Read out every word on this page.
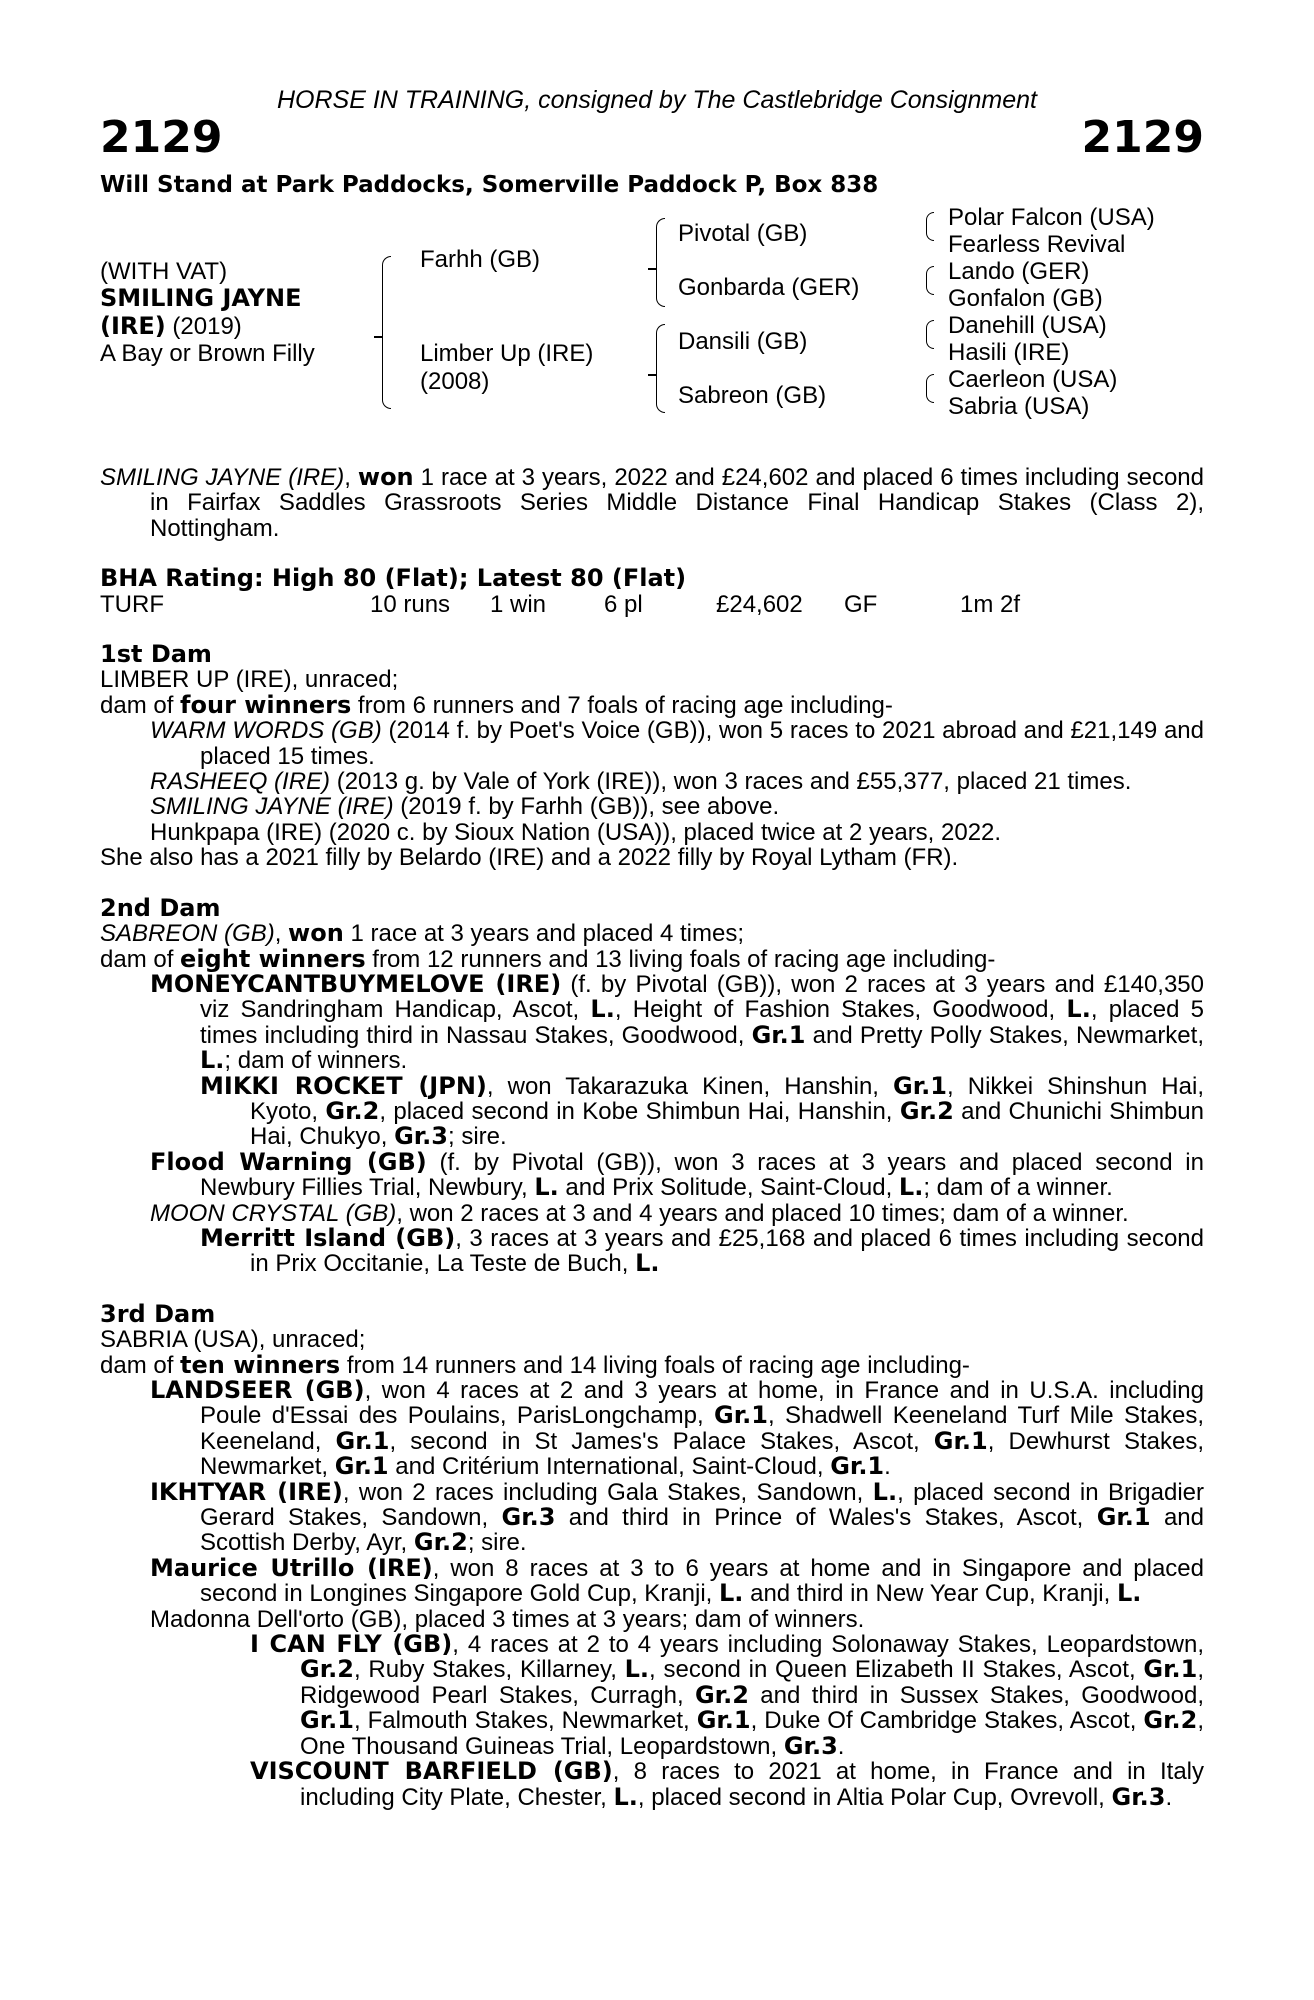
HORSE IN TRAINING, consigned by The Castlebridge Consignment
2129	2129
Will Stand at Park Paddocks, Somerville Paddock P, Box 838
(WITH VAT)
SMILING JAYNE
(IRE) (2019)
A Bay or Brown Filly
Farhh (GB)
Limber Up (IRE)
(2008)
Pivotal (GB)
Gonbarda (GER)
Dansili (GB)
Sabreon (GB)
Polar Falcon (USA)
Fearless Revival
Lando (GER)
Gonfalon (GB)
Danehill (USA)
Hasili (IRE)
Caerleon (USA)
Sabria (USA)
SMILING JAYNE (IRE), won 1 race at 3 years, 2022 and £24,602 and placed 6 times including second in Fairfax Saddles Grassroots Series Middle Distance Final Handicap Stakes (Class 2), Nottingham.
BHA Rating: High 80 (Flat); Latest 80 (Flat)
TURF	10 runs	1 win	6 pl	£24,602	GF	1m 2f
1st Dam
LIMBER UP (IRE), unraced;
dam of four winners from 6 runners and 7 foals of racing age including-
WARM WORDS (GB) (2014 f. by Poet's Voice (GB)), won 5 races to 2021 abroad and £21,149 and placed 15 times.
RASHEEQ (IRE) (2013 g. by Vale of York (IRE)), won 3 races and £55,377, placed 21 times.
SMILING JAYNE (IRE) (2019 f. by Farhh (GB)), see above.
Hunkpapa (IRE) (2020 c. by Sioux Nation (USA)), placed twice at 2 years, 2022.
She also has a 2021 filly by Belardo (IRE) and a 2022 filly by Royal Lytham (FR).
2nd Dam
SABREON (GB), won 1 race at 3 years and placed 4 times;
dam of eight winners from 12 runners and 13 living foals of racing age including-
MONEYCANTBUYMELOVE (IRE) (f. by Pivotal (GB)), won 2 races at 3 years and £140,350 viz Sandringham Handicap, Ascot, L., Height of Fashion Stakes, Goodwood, L., placed 5 times including third in Nassau Stakes, Goodwood, Gr.1 and Pretty Polly Stakes, Newmarket, L.; dam of winners.
MIKKI ROCKET (JPN), won Takarazuka Kinen, Hanshin, Gr.1, Nikkei Shinshun Hai, Kyoto, Gr.2, placed second in Kobe Shimbun Hai, Hanshin, Gr.2 and Chunichi Shimbun Hai, Chukyo, Gr.3; sire.
Flood Warning (GB) (f. by Pivotal (GB)), won 3 races at 3 years and placed second in Newbury Fillies Trial, Newbury, L. and Prix Solitude, Saint-Cloud, L.; dam of a winner.
MOON CRYSTAL (GB), won 2 races at 3 and 4 years and placed 10 times; dam of a winner.
Merritt Island (GB), 3 races at 3 years and £25,168 and placed 6 times including second in Prix Occitanie, La Teste de Buch, L.
3rd Dam
SABRIA (USA), unraced;
dam of ten winners from 14 runners and 14 living foals of racing age including-
LANDSEER (GB), won 4 races at 2 and 3 years at home, in France and in U.S.A. including Poule d'Essai des Poulains, ParisLongchamp, Gr.1, Shadwell Keeneland Turf Mile Stakes, Keeneland, Gr.1, second in St James's Palace Stakes, Ascot, Gr.1, Dewhurst Stakes, Newmarket, Gr.1 and Critérium International, Saint-Cloud, Gr.1.
IKHTYAR (IRE), won 2 races including Gala Stakes, Sandown, L., placed second in Brigadier Gerard Stakes, Sandown, Gr.3 and third in Prince of Wales's Stakes, Ascot, Gr.1 and Scottish Derby, Ayr, Gr.2; sire.
Maurice Utrillo (IRE), won 8 races at 3 to 6 years at home and in Singapore and placed second in Longines Singapore Gold Cup, Kranji, L. and third in New Year Cup, Kranji, L.
Madonna Dell'orto (GB), placed 3 times at 3 years; dam of winners.
I CAN FLY (GB), 4 races at 2 to 4 years including Solonaway Stakes, Leopardstown, Gr.2, Ruby Stakes, Killarney, L., second in Queen Elizabeth II Stakes, Ascot, Gr.1, Ridgewood Pearl Stakes, Curragh, Gr.2 and third in Sussex Stakes, Goodwood, Gr.1, Falmouth Stakes, Newmarket, Gr.1, Duke Of Cambridge Stakes, Ascot, Gr.2, One Thousand Guineas Trial, Leopardstown, Gr.3.
VISCOUNT BARFIELD (GB), 8 races to 2021 at home, in France and in Italy including City Plate, Chester, L., placed second in Altia Polar Cup, Ovrevoll, Gr.3.
